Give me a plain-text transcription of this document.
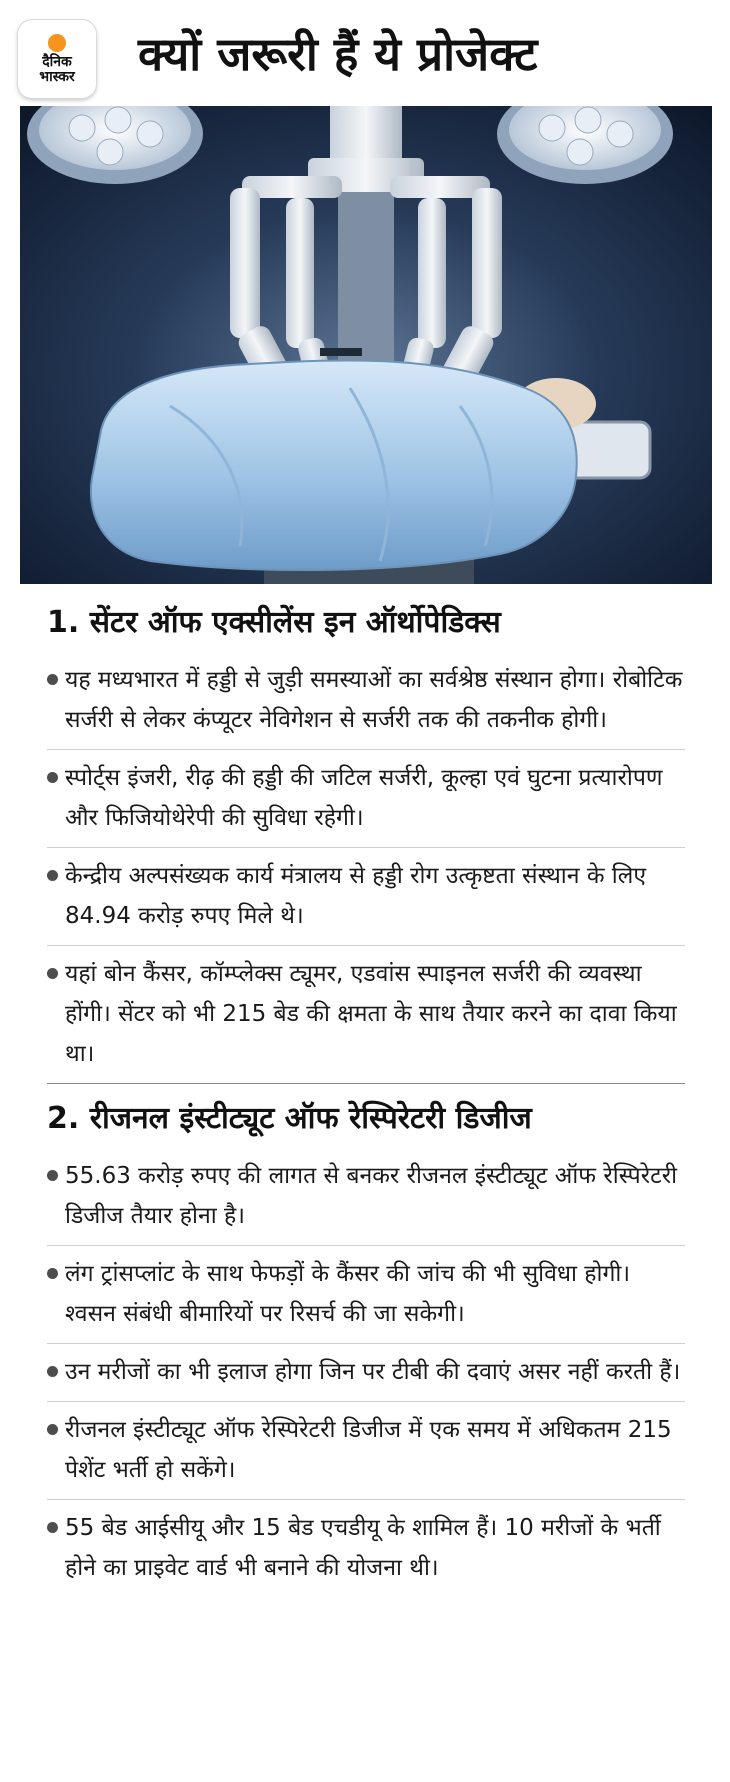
दैनिक
भास्कर क्यों जरूरी हैं ये प्रोजेक्ट
1. सेंटर ऑफ एक्सीलेंस इन ऑर्थोपेडिक्स
यह मध्यभारत में हड्डी से जुड़ी समस्याओं का सर्वश्रेष्ठ संस्थान होगा। रोबोटिक सर्जरी से लेकर कंप्यूटर नेविगेशन से सर्जरी तक की तकनीक होगी।
स्पोर्ट्स इंजरी, रीढ़ की हड्डी की जटिल सर्जरी, कूल्हा एवं घुटना प्रत्यारोपण और फिजियोथेरेपी की सुविधा रहेगी।
केन्द्रीय अल्पसंख्यक कार्य मंत्रालय से हड्डी रोग उत्कृष्टता संस्थान के लिए 84.94 करोड़ रुपए मिले थे।
यहां बोन कैंसर, कॉम्प्लेक्स ट्यूमर, एडवांस स्पाइनल सर्जरी की व्यवस्था होंगी। सेंटर को भी 215 बेड की क्षमता के साथ तैयार करने का दावा किया था।
2. रीजनल इंस्टीट्यूट ऑफ रेस्पिरेटरी डिजीज
55.63 करोड़ रुपए की लागत से बनकर रीजनल इंस्टीट्यूट ऑफ रेस्पिरेटरी डिजीज तैयार होना है।
लंग ट्रांसप्लांट के साथ फेफड़ों के कैंसर की जांच की भी सुविधा होगी। श्वसन संबंधी बीमारियों पर रिसर्च की जा सकेगी।
उन मरीजों का भी इलाज होगा जिन पर टीबी की दवाएं असर नहीं करती हैं।
रीजनल इंस्टीट्यूट ऑफ रेस्पिरेटरी डिजीज में एक समय में अधिकतम 215 पेशेंट भर्ती हो सकेंगे।
55 बेड आईसीयू और 15 बेड एचडीयू के शामिल हैं। 10 मरीजों के भर्ती होने का प्राइवेट वार्ड भी बनाने की योजना थी।
